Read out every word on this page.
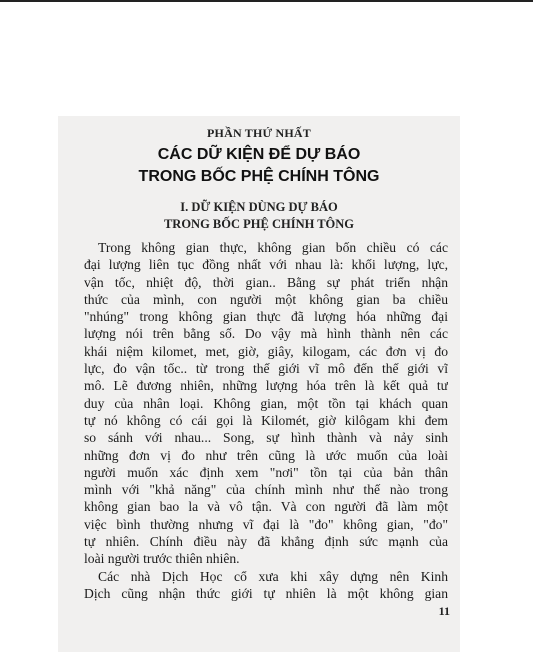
PHẦN THỨ NHẤT
CÁC DỮ KIỆN ĐỂ DỰ BÁO
TRONG BỐC PHỆ CHÍNH TÔNG
I. DỮ KIỆN DÙNG DỰ BÁO
TRONG BỐC PHỆ CHÍNH TÔNG
Trong không gian thực, không gian bốn chiều có các
đại lượng liên tục đồng nhất với nhau là: khối lượng, lực,
vận tốc, nhiệt độ, thời gian.. Bằng sự phát triển nhận
thức của mình, con người một không gian ba chiều
"nhúng" trong không gian thực đã lượng hóa những đại
lượng nói trên bằng số. Do vậy mà hình thành nên các
khái niệm kilomet, met, giờ, giây, kilogam, các đơn vị đo
lực, đo vận tốc.. từ trong thế giới vĩ mô đến thế giới vĩ
mô. Lẽ đương nhiên, những lượng hóa trên là kết quả tư
duy của nhân loại. Không gian, một tồn tại khách quan
tự nó không có cái gọi là Kilomét, giờ kilôgam khi đem
so sánh với nhau... Song, sự hình thành và nảy sinh
những đơn vị đo như trên cũng là ước muốn của loài
người muốn xác định xem "nơi" tồn tại của bản thân
mình với "khả năng" của chính mình như thế nào trong
không gian bao la và vô tận. Và con người đã làm một
việc bình thường nhưng vĩ đại là "đo" không gian, "đo"
tự nhiên. Chính điều này đã khẳng định sức mạnh của
loài người trước thiên nhiên.
Các nhà Dịch Học cổ xưa khi xây dựng nên Kinh
Dịch cũng nhận thức giới tự nhiên là một không gian
11
